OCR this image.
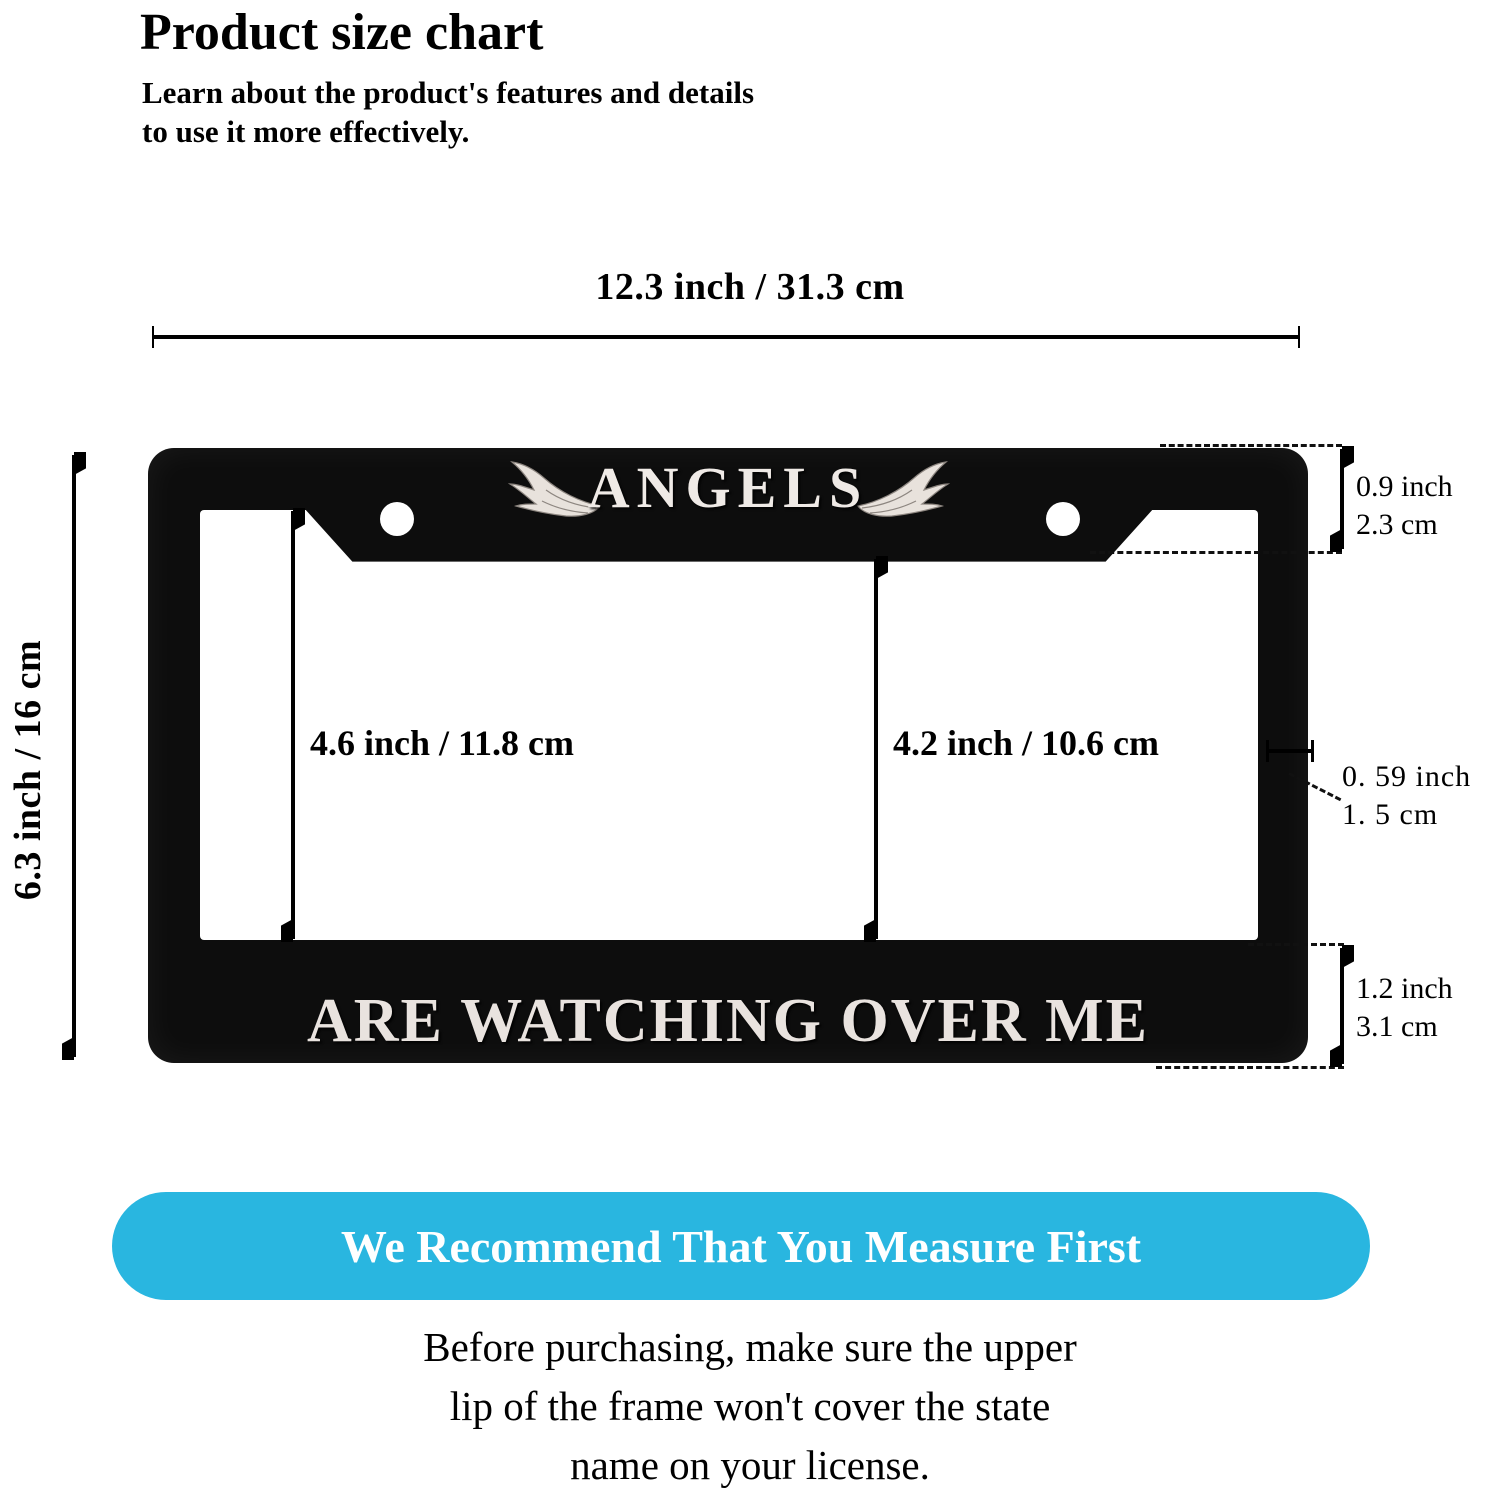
Product size chart
Learn about the product's features and details
to use it more effectively.
12.3 inch / 31.3 cm
6.3 inch / 16 cm
ANGELS
ARE WATCHING OVER ME
4.6 inch / 11.8 cm	4.2 inch / 10.6 cm
0.9 inch
2.3 cm
0. 59 inch
1. 5 cm
1.2 inch
3.1 cm
We Recommend That You Measure First
Before purchasing, make sure the upper
lip of the frame won't cover the state
name on your license.
